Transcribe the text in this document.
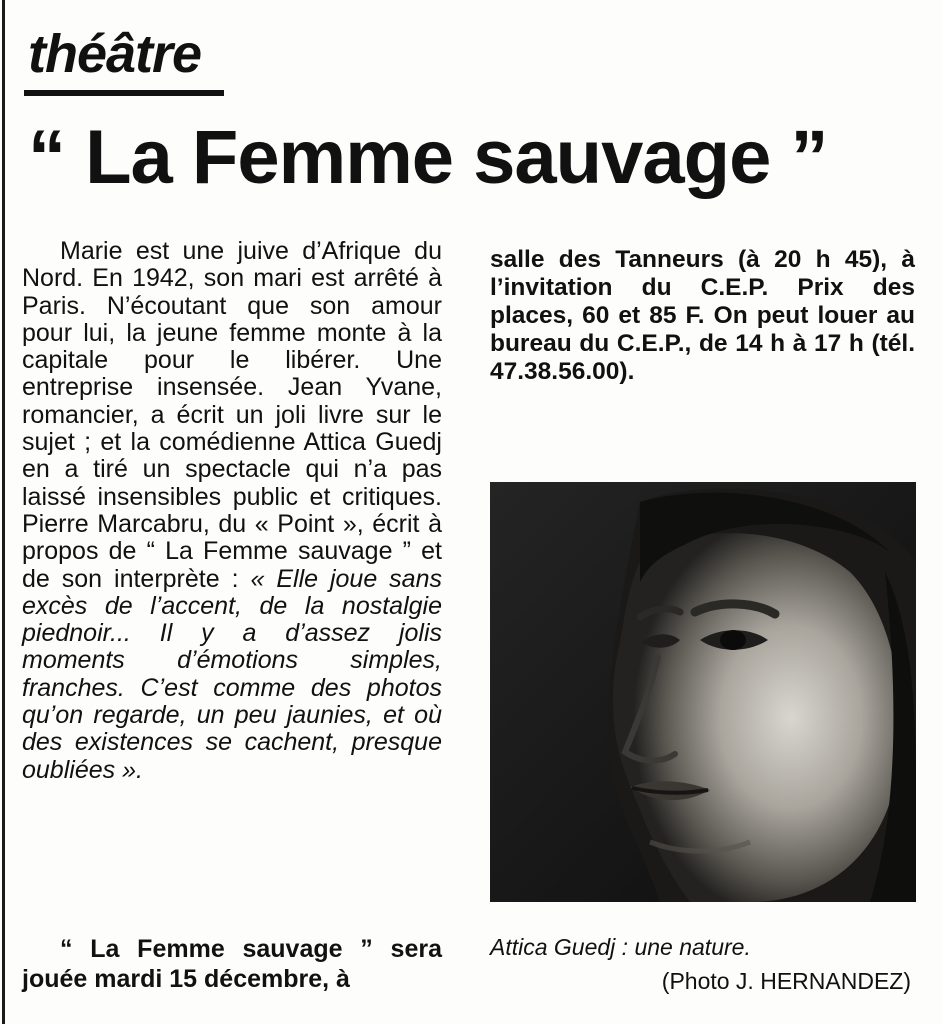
théâtre
“ La Femme sauvage ”

Marie est une juive d’Afrique du Nord. En 1942, son mari est arrêté à Paris. N’écoutant que son amour pour lui, la jeune femme monte à la capitale pour le libérer. Une entreprise insensée. Jean Yvane, romancier, a écrit un joli livre sur le sujet ; et la comédienne Attica Guedj en a tiré un spectacle qui n’a pas laissé insensibles public et critiques. Pierre Marcabru, du « Point », écrit à propos de “ La Femme sauvage ” et de son interprète : « Elle joue sans excès de l’accent, de la nostalgie piednoir... Il y a d’assez jolis moments d’émotions simples, franches. C’est comme des photos qu’on regarde, un peu jaunies, et où des existences se cachent, presque oubliées ».

“ La Femme sauvage ” sera jouée mardi 15 décembre, à

salle des Tanneurs (à 20 h 45), à l’invitation du C.E.P. Prix des places, 60 et 85 F. On peut louer au bureau du C.E.P., de 14 h à 17 h (tél. 47.38.56.00).

Attica Guedj : une nature.
(Photo J. HERNANDEZ)
